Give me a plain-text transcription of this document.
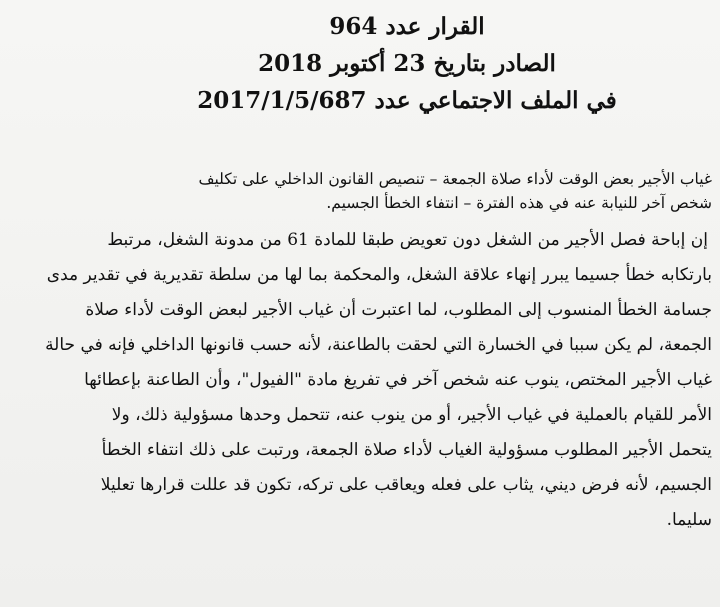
القرار عدد 964
الصادر بتاريخ 23 أكتوبر 2018
في الملف الاجتماعي عدد 2017/1/5/687
غياب الأجير بعض الوقت لأداء صلاة الجمعة – تنصيص القانون الداخلي على تكليف
شخص آخر للنيابة عنه في هذه الفترة – انتفاء الخطأ الجسيم.
إن إباحة فصل الأجير من الشغل دون تعويض طبقا للمادة 61 من مدونة الشغل، مرتبط
بارتكابه خطأ جسيما يبرر إنهاء علاقة الشغل، والمحكمة بما لها من سلطة تقديرية في تقدير مدى
جسامة الخطأ المنسوب إلى المطلوب، لما اعتبرت أن غياب الأجير لبعض الوقت لأداء صلاة
الجمعة، لم يكن سببا في الخسارة التي لحقت بالطاعنة، لأنه حسب قانونها الداخلي فإنه في حالة
غياب الأجير المختص، ينوب عنه شخص آخر في تفريغ مادة "الفيول"، وأن الطاعنة بإعطائها
الأمر للقيام بالعملية في غياب الأجير، أو من ينوب عنه، تتحمل وحدها مسؤولية ذلك، ولا
يتحمل الأجير المطلوب مسؤولية الغياب لأداء صلاة الجمعة، ورتبت على ذلك انتفاء الخطأ
الجسيم، لأنه فرض ديني، يثاب على فعله ويعاقب على تركه، تكون قد عللت قرارها تعليلا
سليما.
